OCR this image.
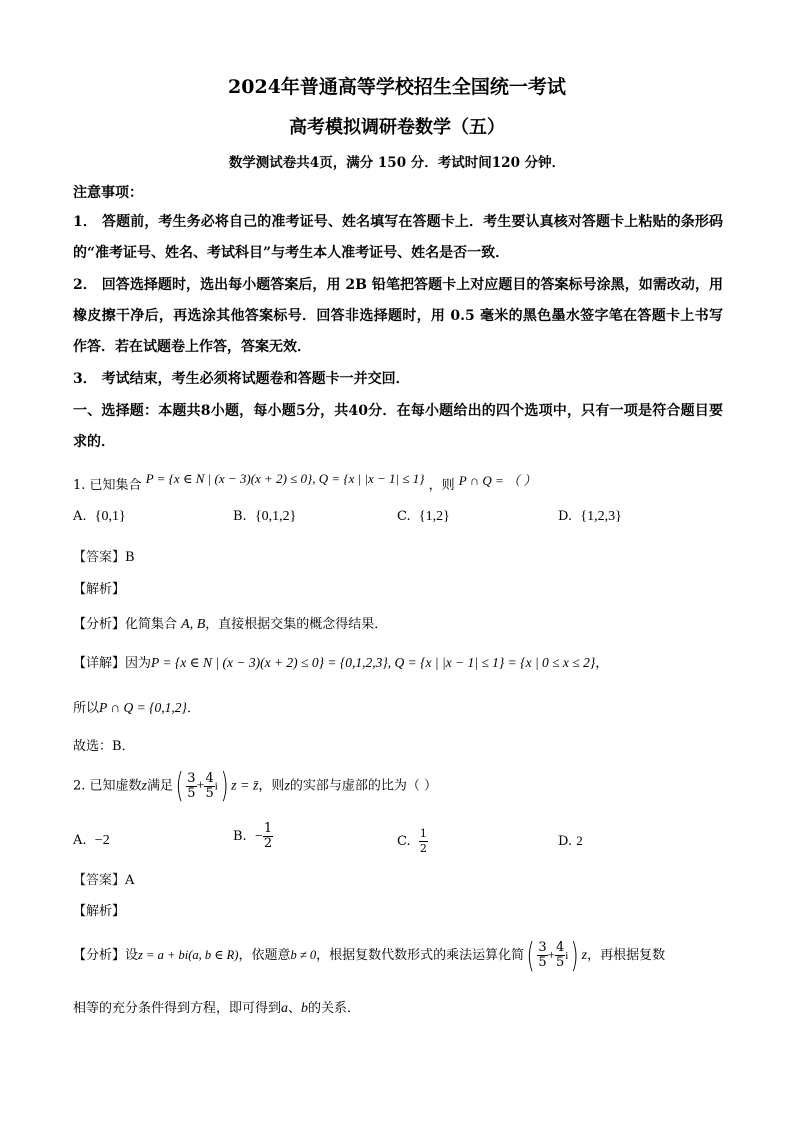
2024年普通高等学校招生全国统一考试
高考模拟调研卷数学（五）
数学测试卷共4页，满分 150 分．考试时间120 分钟．
注意事项：
1． 答题前，考生务必将自己的准考证号、姓名填写在答题卡上．考生要认真核对答题卡上粘贴的条形码的“准考证号、姓名、考试科目”与考生本人准考证号、姓名是否一致．
2． 回答选择题时，选出每小题答案后，用 2B 铅笔把答题卡上对应题目的答案标号涂黑，如需改动，用橡皮擦干净后，再选涂其他答案标号．回答非选择题时，用 0.5 毫米的黑色墨水签字笔在答题卡上书写作答．若在试题卷上作答，答案无效．
3． 考试结束，考生必须将试题卷和答题卡一并交回．
一、选择题：本题共8小题，每小题5分，共40分．在每小题给出的四个选项中，只有一项是符合题目要求的．
1. 已知集合 P = {x ∈ N | (x − 3)(x + 2) ≤ 0}, Q = {x | |x − 1| ≤ 1} ，则 P ∩ Q = （ ）
A. {0,1}	B. {0,1,2}	C. {1,2}	D. {1,2,3}
【答案】B
【解析】
【分析】化简集合 A, B，直接根据交集的概念得结果．
【详解】因为P = {x ∈ N | (x − 3)(x + 2) ≤ 0} = {0,1,2,3}, Q = {x | |x − 1| ≤ 1} = {x | 0 ≤ x ≤ 2}，
所以P ∩ Q = {0,1,2}．
故选：B．
2. 已知虚数z满足( $\frac{3}{5} + \frac{4}{5} i$) z = z̄，则z的实部与虚部的比为（ ）
A. −2	B. − $\frac{1}{2}$	C. $\frac{1}{2}$	D. 2
【答案】A
【解析】
【分析】设z = a + bi(a, b ∈ R)，依题意b ≠ 0，根据复数代数形式的乘法运算化简( $\frac{3}{5} + \frac{4}{5} i$) z，再根据复数
相等的充分条件得到方程，即可得到a、b的关系．
